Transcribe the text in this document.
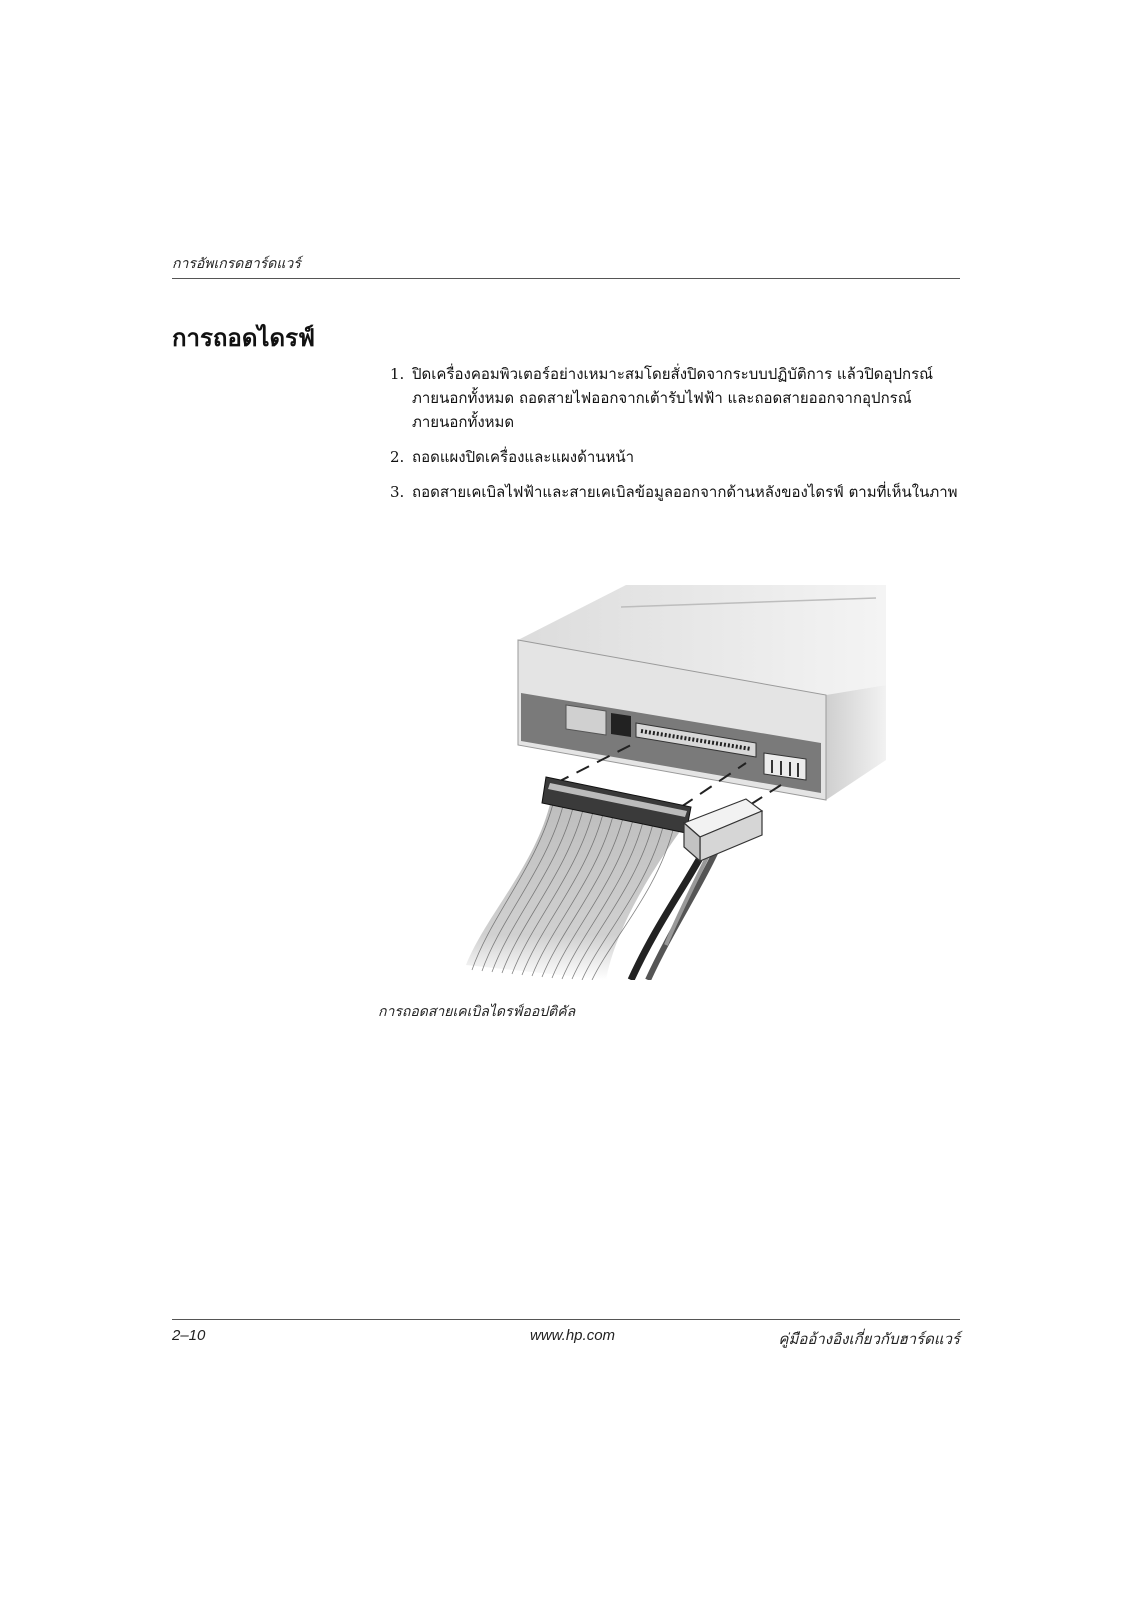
การอัพเกรดฮาร์ดแวร์
การถอดไดรฟ์
1. ปิดเครื่องคอมพิวเตอร์อย่างเหมาะสมโดยสั่งปิดจากระบบปฏิบัติการ แล้วปิดอุปกรณ์ภายนอกทั้งหมด ถอดสายไฟออกจากเต้ารับไฟฟ้า และถอดสายออกจากอุปกรณ์ภายนอกทั้งหมด
2. ถอดแผงปิดเครื่องและแผงด้านหน้า
3. ถอดสายเคเบิลไฟฟ้าและสายเคเบิลข้อมูลออกจากด้านหลังของไดรฟ์ ตามที่เห็นในภาพ
การถอดสายเคเบิลไดรฟ์ออปติคัล
2–10	www.hp.com	คู่มืออ้างอิงเกี่ยวกับฮาร์ดแวร์
